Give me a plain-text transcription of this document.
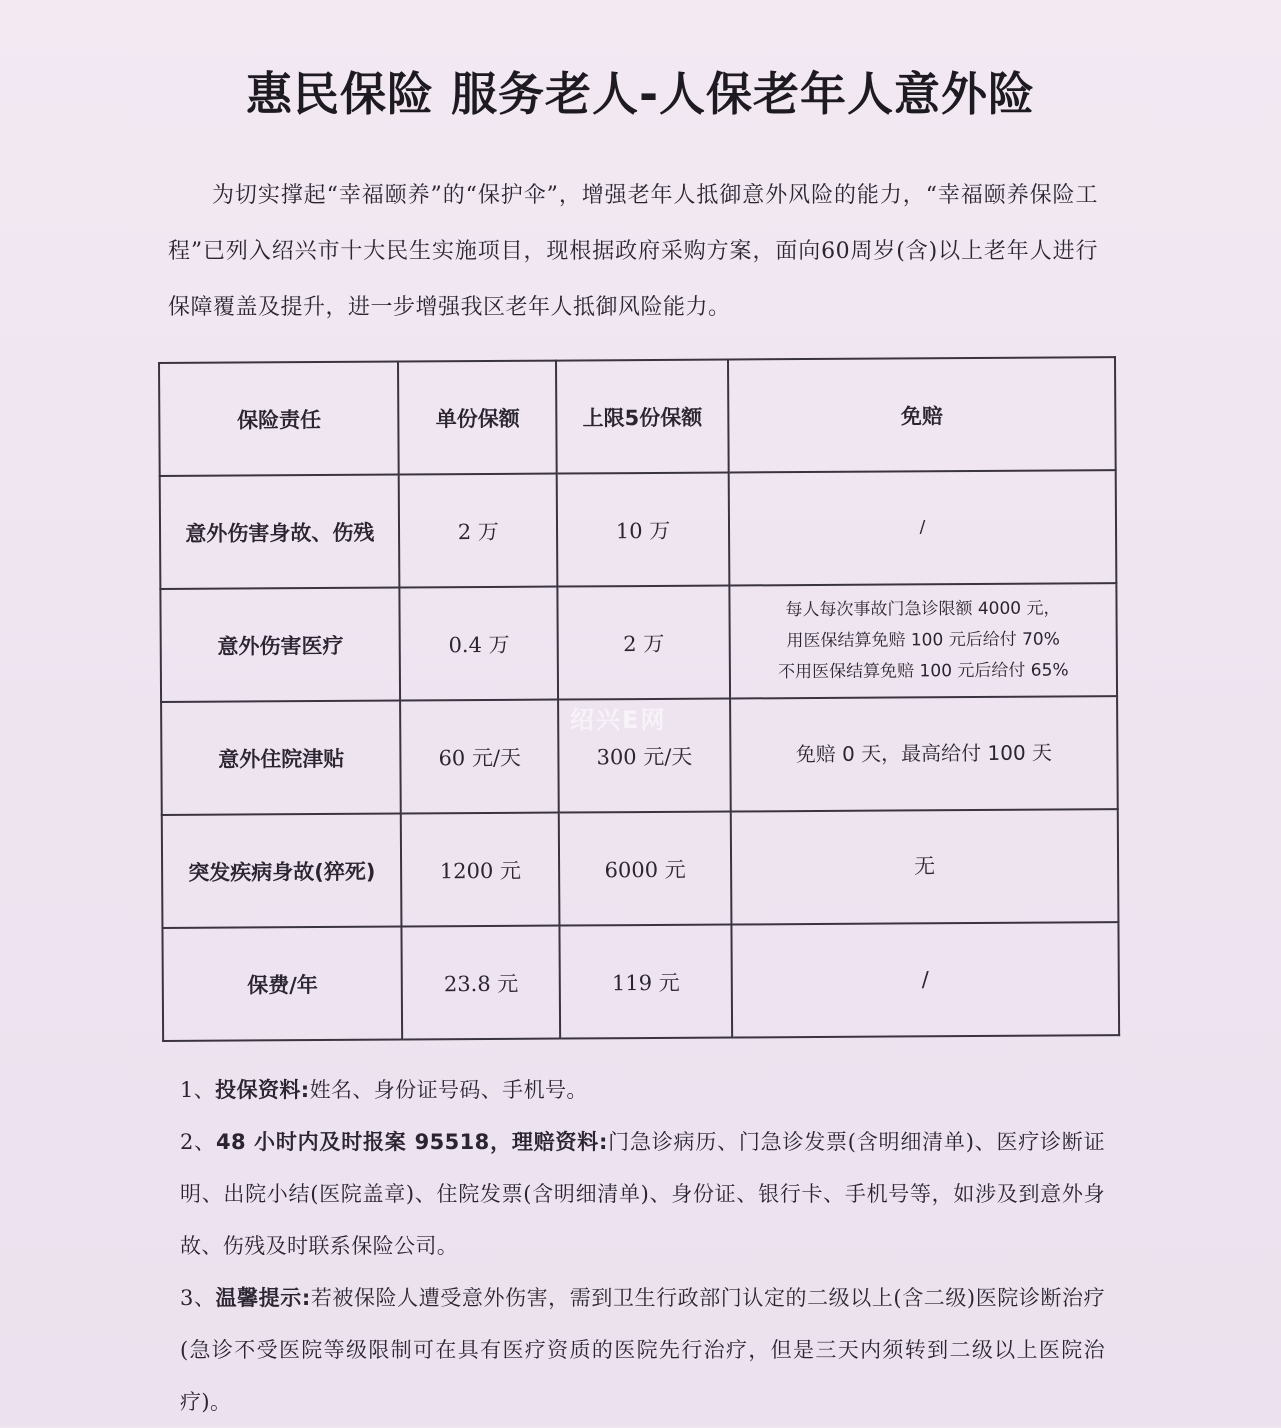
惠民保险 服务老人-人保老年人意外险
为切实撑起“幸福颐养”的“保护伞”，增强老年人抵御意外风险的能力，“幸福颐养保险工程”已列入绍兴市十大民生实施项目，现根据政府采购方案，面向60周岁(含)以上老年人进行保障覆盖及提升，进一步增强我区老年人抵御风险能力。
保险责任	单份保额	上限5份保额	免赔
意外伤害身故、伤残	2 万	10 万	/

意外伤害医疗	0.4 万	2 万	每人每次事故门急诊限额 4000 元，
用医保结算免赔 100 元后给付 70%
不用医保结算免赔 100 元后给付 65%

意外住院津贴	60 元/天	300 元/天	免赔 0 天，最高给付 100 天

突发疾病身故(猝死)	1200 元	6000 元	无

保费/年	23.8 元	119 元	/
绍兴E网

1、投保资料:姓名、身份证号码、手机号。

2、48 小时内及时报案 95518，理赔资料:门急诊病历、门急诊发票(含明细清单)、医疗诊断证明、出院小结(医院盖章)、住院发票(含明细清单)、身份证、银行卡、手机号等，如涉及到意外身故、伤残及时联系保险公司。

3、温馨提示:若被保险人遭受意外伤害，需到卫生行政部门认定的二级以上(含二级)医院诊断治疗(急诊不受医院等级限制可在具有医疗资质的医院先行治疗，但是三天内须转到二级以上医院治疗)。
